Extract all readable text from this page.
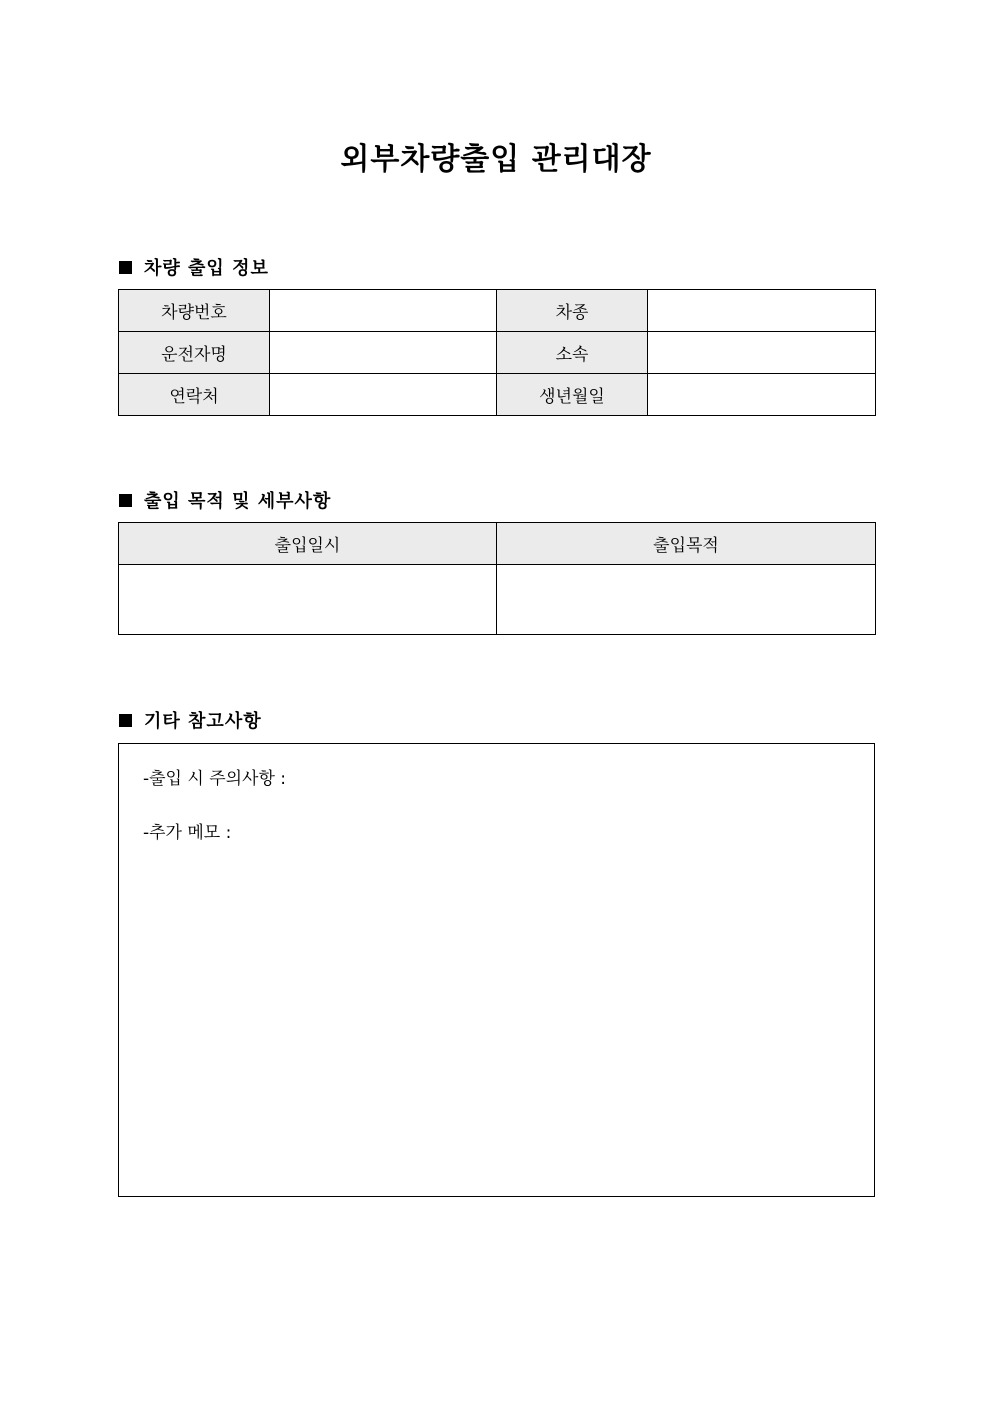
외부차량출입 관리대장
차량 출입 정보
차량번호		차종	
운전자명		소속	
연락처		생년월일	
출입 목적 및 세부사항
출입일시	출입목적

기타 참고사항
-출입 시 주의사항 :
-추가 메모 :
